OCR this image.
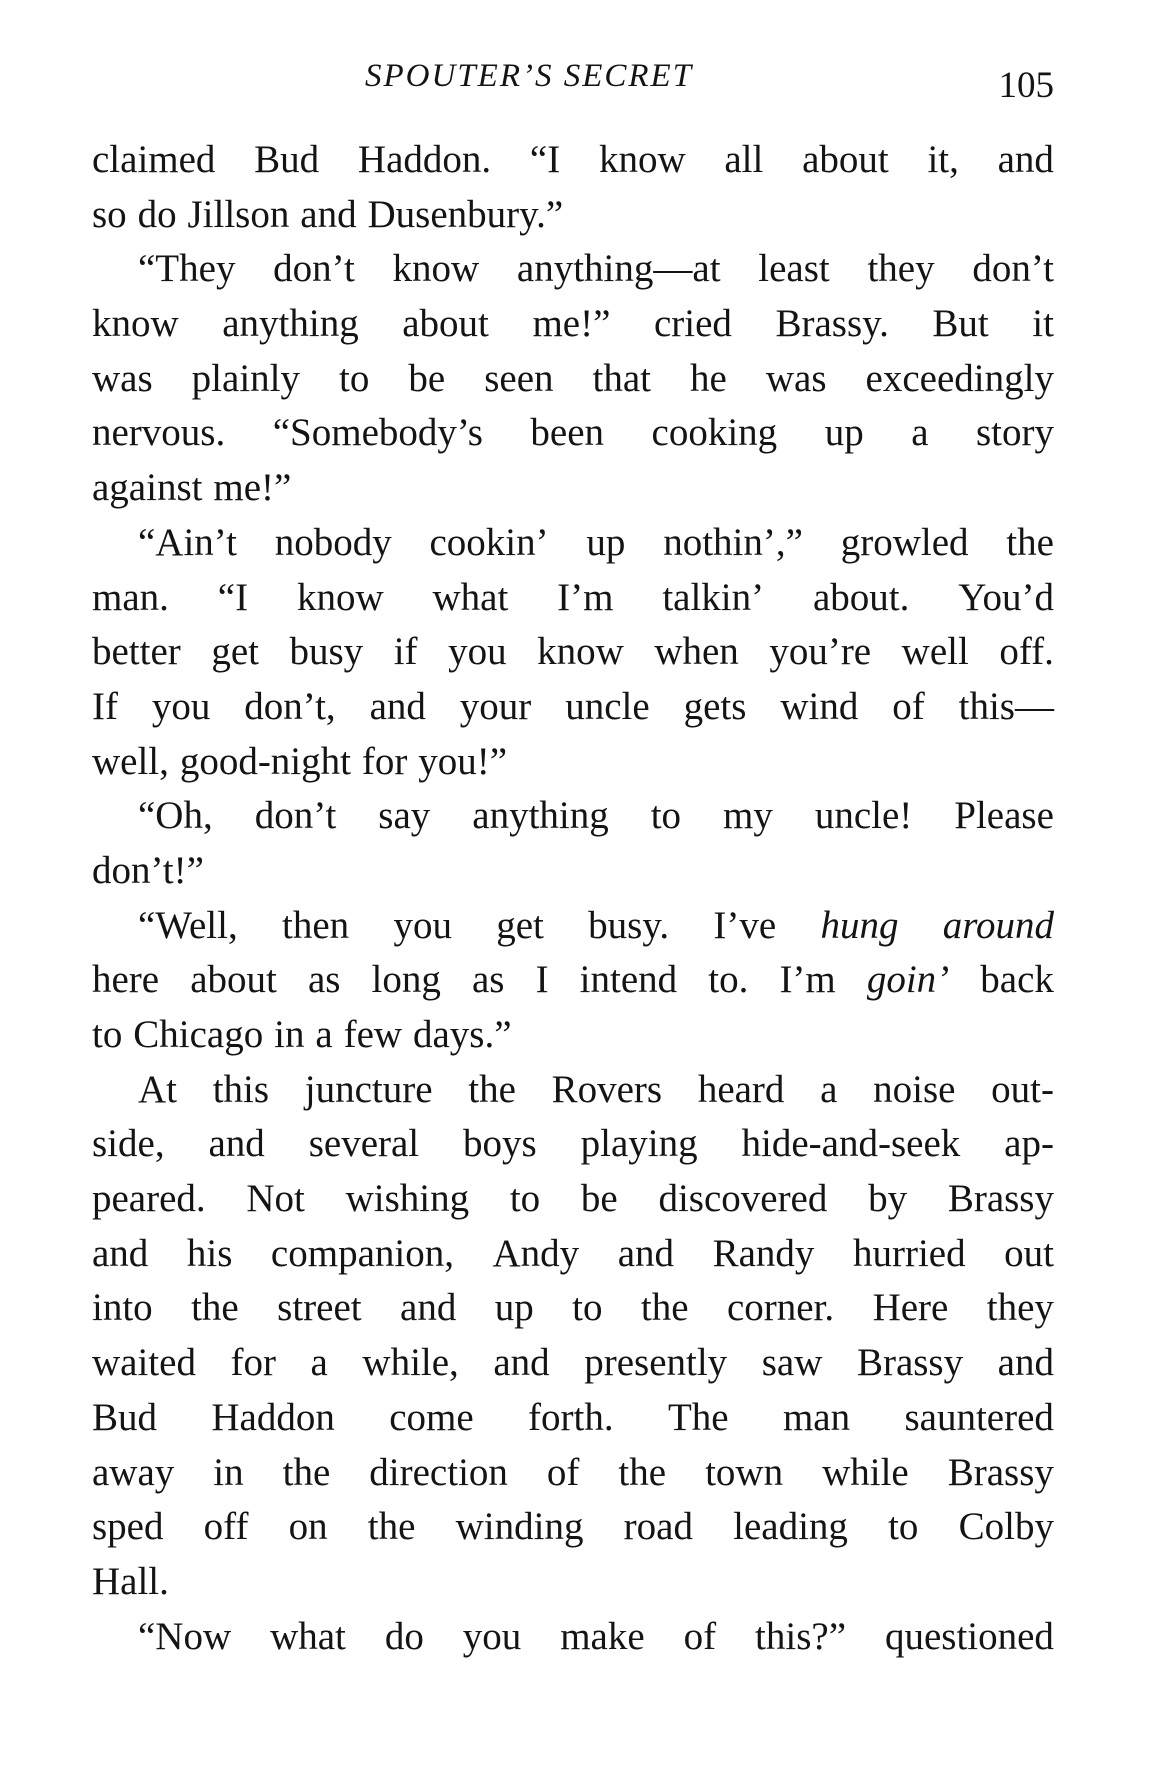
SPOUTER’S SECRET	105
claimed Bud Haddon. “I know all about it, and
so do Jillson and Dusenbury.”
“They don’t know anything—at least they don’t
know anything about me!” cried Brassy. But it
was plainly to be seen that he was exceedingly
nervous. “Somebody’s been cooking up a story
against me!”
“Ain’t nobody cookin’ up nothin’,” growled the
man. “I know what I’m talkin’ about. You’d
better get busy if you know when you’re well off.
If you don’t, and your uncle gets wind of this—
well, good-night for you!”
“Oh, don’t say anything to my uncle! Please
don’t!”
“Well, then you get busy. I’ve hung around
here about as long as I intend to. I’m goin’ back
to Chicago in a few days.”
At this juncture the Rovers heard a noise out-
side, and several boys playing hide-and-seek ap-
peared. Not wishing to be discovered by Brassy
and his companion, Andy and Randy hurried out
into the street and up to the corner. Here they
waited for a while, and presently saw Brassy and
Bud Haddon come forth. The man sauntered
away in the direction of the town while Brassy
sped off on the winding road leading to Colby
Hall.
“Now what do you make of this?” questioned
